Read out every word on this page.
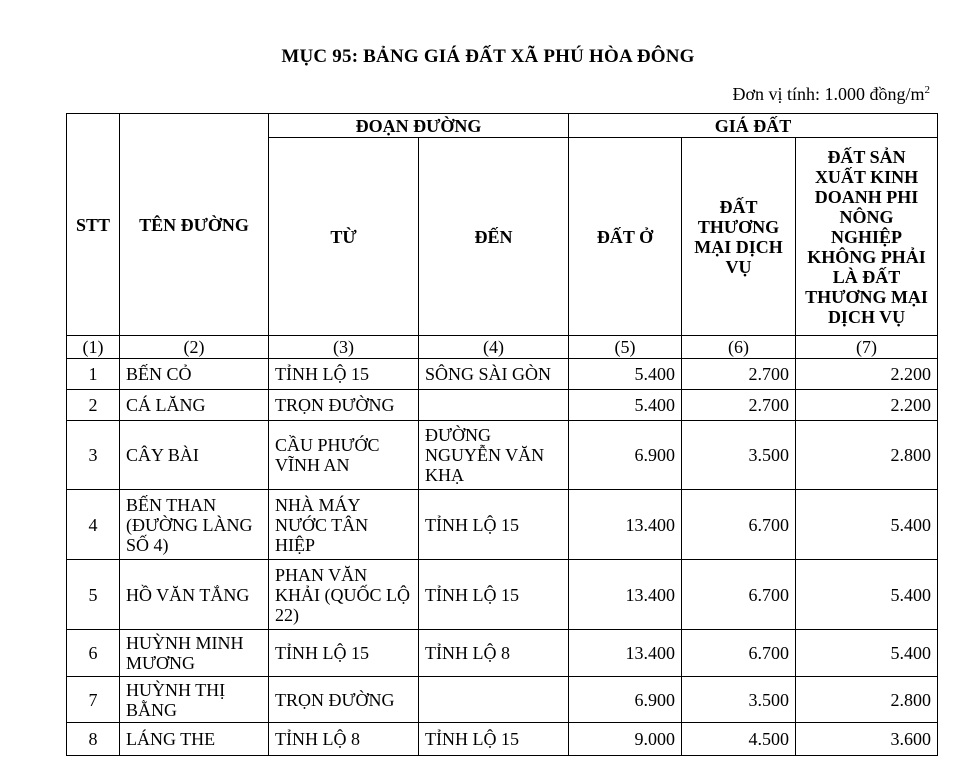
MỤC 95: BẢNG GIÁ ĐẤT XÃ PHÚ HÒA ĐÔNG
Đơn vị tính: 1.000 đồng/$m^2$
STT	TÊN ĐƯỜNG	ĐOẠN ĐƯỜNG		GIÁ ĐẤT		
		TỪ	ĐẾN	ĐẤT Ở	ĐẤT THƯƠNG MẠI DỊCH VỤ	ĐẤT SẢN XUẤT KINH DOANH PHI NÔNG NGHIỆP KHÔNG PHẢI LÀ ĐẤT THƯƠNG MẠI DỊCH VỤ
(1)	(2)	(3)	(4)	(5)	(6)	(7)
1	BẾN CỎ	TỈNH LỘ 15	SÔNG SÀI GÒN	5.400	2.700	2.200
2	CÁ LĂNG	TRỌN ĐƯỜNG		5.400	2.700	2.200
3	CÂY BÀI	CẦU PHƯỚC VĨNH AN	ĐƯỜNG NGUYỄN VĂN KHẠ	6.900	3.500	2.800
4	BẾN THAN (ĐƯỜNG LÀNG SỐ 4)	NHÀ MÁY NƯỚC TÂN HIỆP	TỈNH LỘ 15	13.400	6.700	5.400
5	HỒ VĂN TẮNG	PHAN VĂN KHẢI (QUỐC LỘ 22)	TỈNH LỘ 15	13.400	6.700	5.400
6	HUỲNH MINH MƯƠNG	TỈNH LỘ 15	TỈNH LỘ 8	13.400	6.700	5.400
7	HUỲNH THỊ BẰNG	TRỌN ĐƯỜNG		6.900	3.500	2.800
8	LÁNG THE	TỈNH LỘ 8	TỈNH LỘ 15	9.000	4.500	3.600
